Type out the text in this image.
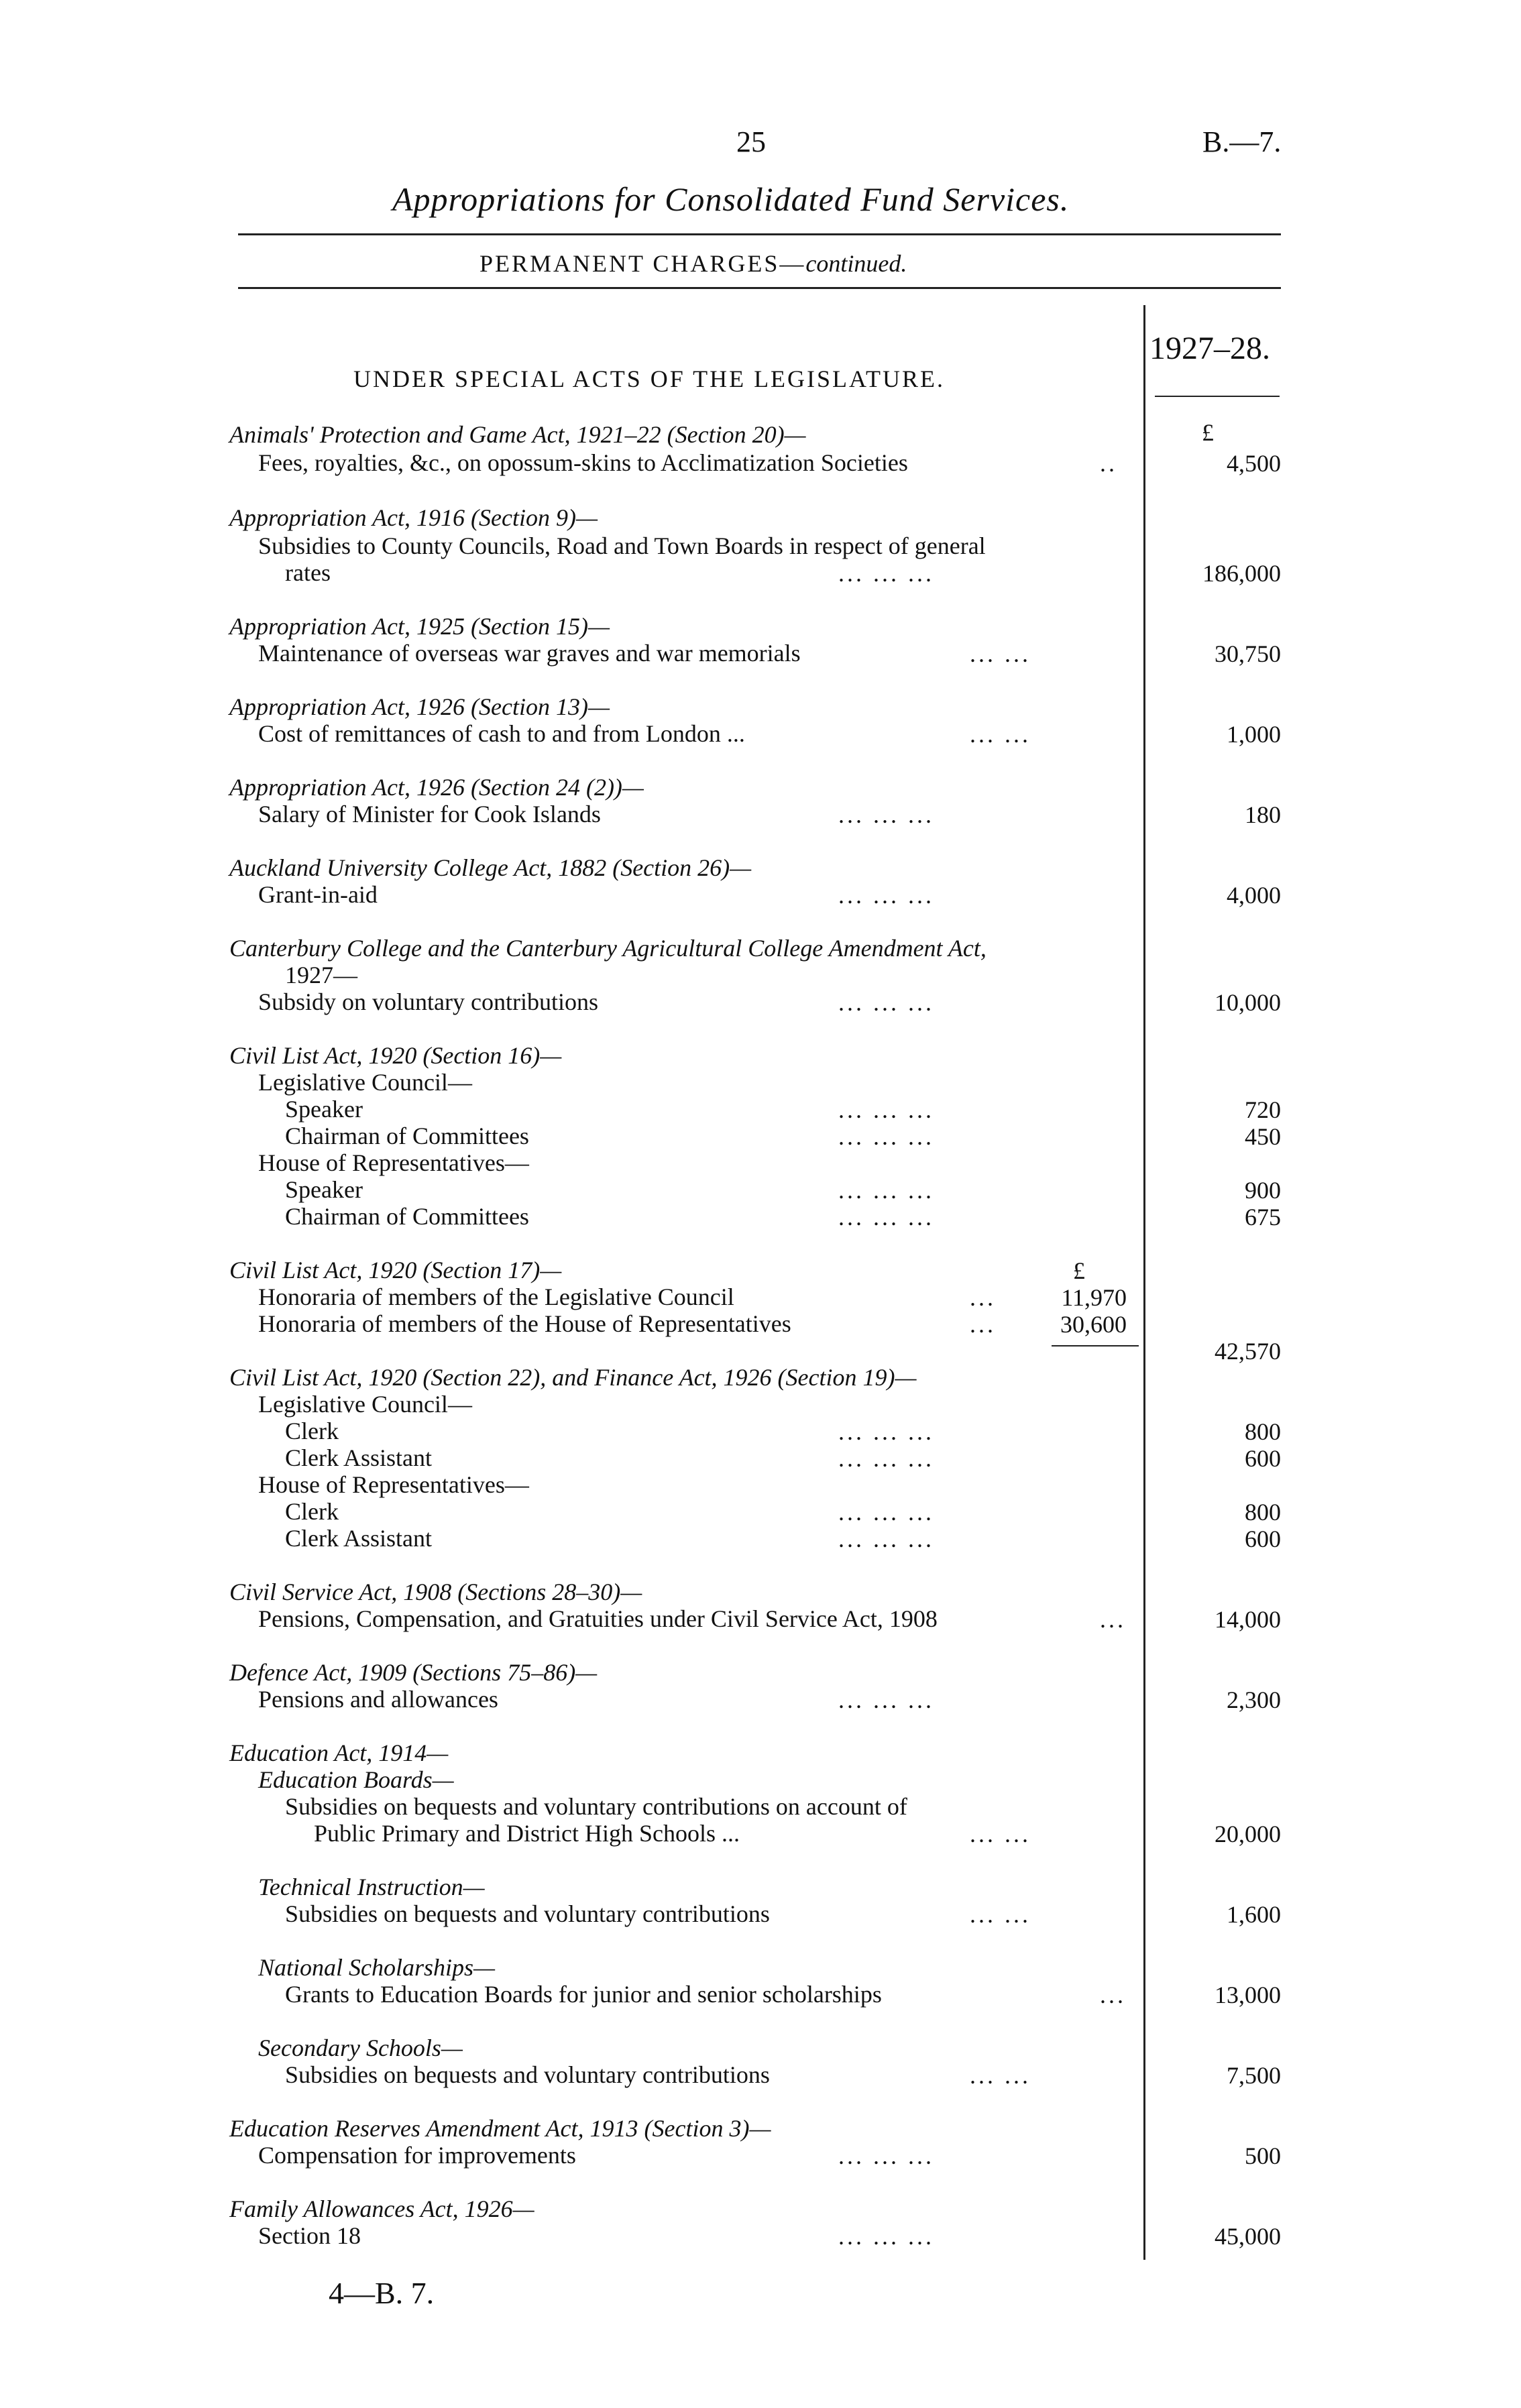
25	B.—7.
Appropriations for Consolidated Fund Services.
PERMANENT CHARGES—continued.
1927–28.
£
UNDER SPECIAL ACTS OF THE LEGISLATURE.
Animals' Protection and Game Act, 1921–22 (Section 20)—
Fees, royalties, &c., on opossum-skins to Acclimatization Societies	..	4,500
Appropriation Act, 1916 (Section 9)—
Subsidies to County Councils, Road and Town Boards in respect of general
rates	... ... ...	186,000
Appropriation Act, 1925 (Section 15)—
Maintenance of overseas war graves and war memorials	... ...	30,750
Appropriation Act, 1926 (Section 13)—
Cost of remittances of cash to and from London ...	... ...	1,000
Appropriation Act, 1926 (Section 24 (2))—
Salary of Minister for Cook Islands	... ... ...	180
Auckland University College Act, 1882 (Section 26)—
Grant-in-aid	... ... ...	4,000
Canterbury College and the Canterbury Agricultural College Amendment Act,
1927—
Subsidy on voluntary contributions	... ... ...	10,000
Civil List Act, 1920 (Section 16)—
Legislative Council—
Speaker	... ... ...	720
Chairman of Committees	... ... ...	450
House of Representatives—
Speaker	... ... ...	900
Chairman of Committees	... ... ...	675
Civil List Act, 1920 (Section 17)—	£
Honoraria of members of the Legislative Council	...	11,970
Honoraria of members of the House of Representatives	...	30,600
42,570
Civil List Act, 1920 (Section 22), and Finance Act, 1926 (Section 19)—
Legislative Council—
Clerk	... ... ...	800
Clerk Assistant	... ... ...	600
House of Representatives—
Clerk	... ... ...	800
Clerk Assistant	... ... ...	600
Civil Service Act, 1908 (Sections 28–30)—
Pensions, Compensation, and Gratuities under Civil Service Act, 1908	...	14,000
Defence Act, 1909 (Sections 75–86)—
Pensions and allowances	... ... ...	2,300
Education Act, 1914—
Education Boards—
Subsidies on bequests and voluntary contributions on account of
Public Primary and District High Schools ...	... ...	20,000
Technical Instruction—
Subsidies on bequests and voluntary contributions	... ...	1,600
National Scholarships—
Grants to Education Boards for junior and senior scholarships	...	13,000
Secondary Schools—
Subsidies on bequests and voluntary contributions	... ...	7,500
Education Reserves Amendment Act, 1913 (Section 3)—
Compensation for improvements	... ... ...	500
Family Allowances Act, 1926—
Section 18	... ... ...	45,000
4—B. 7.
